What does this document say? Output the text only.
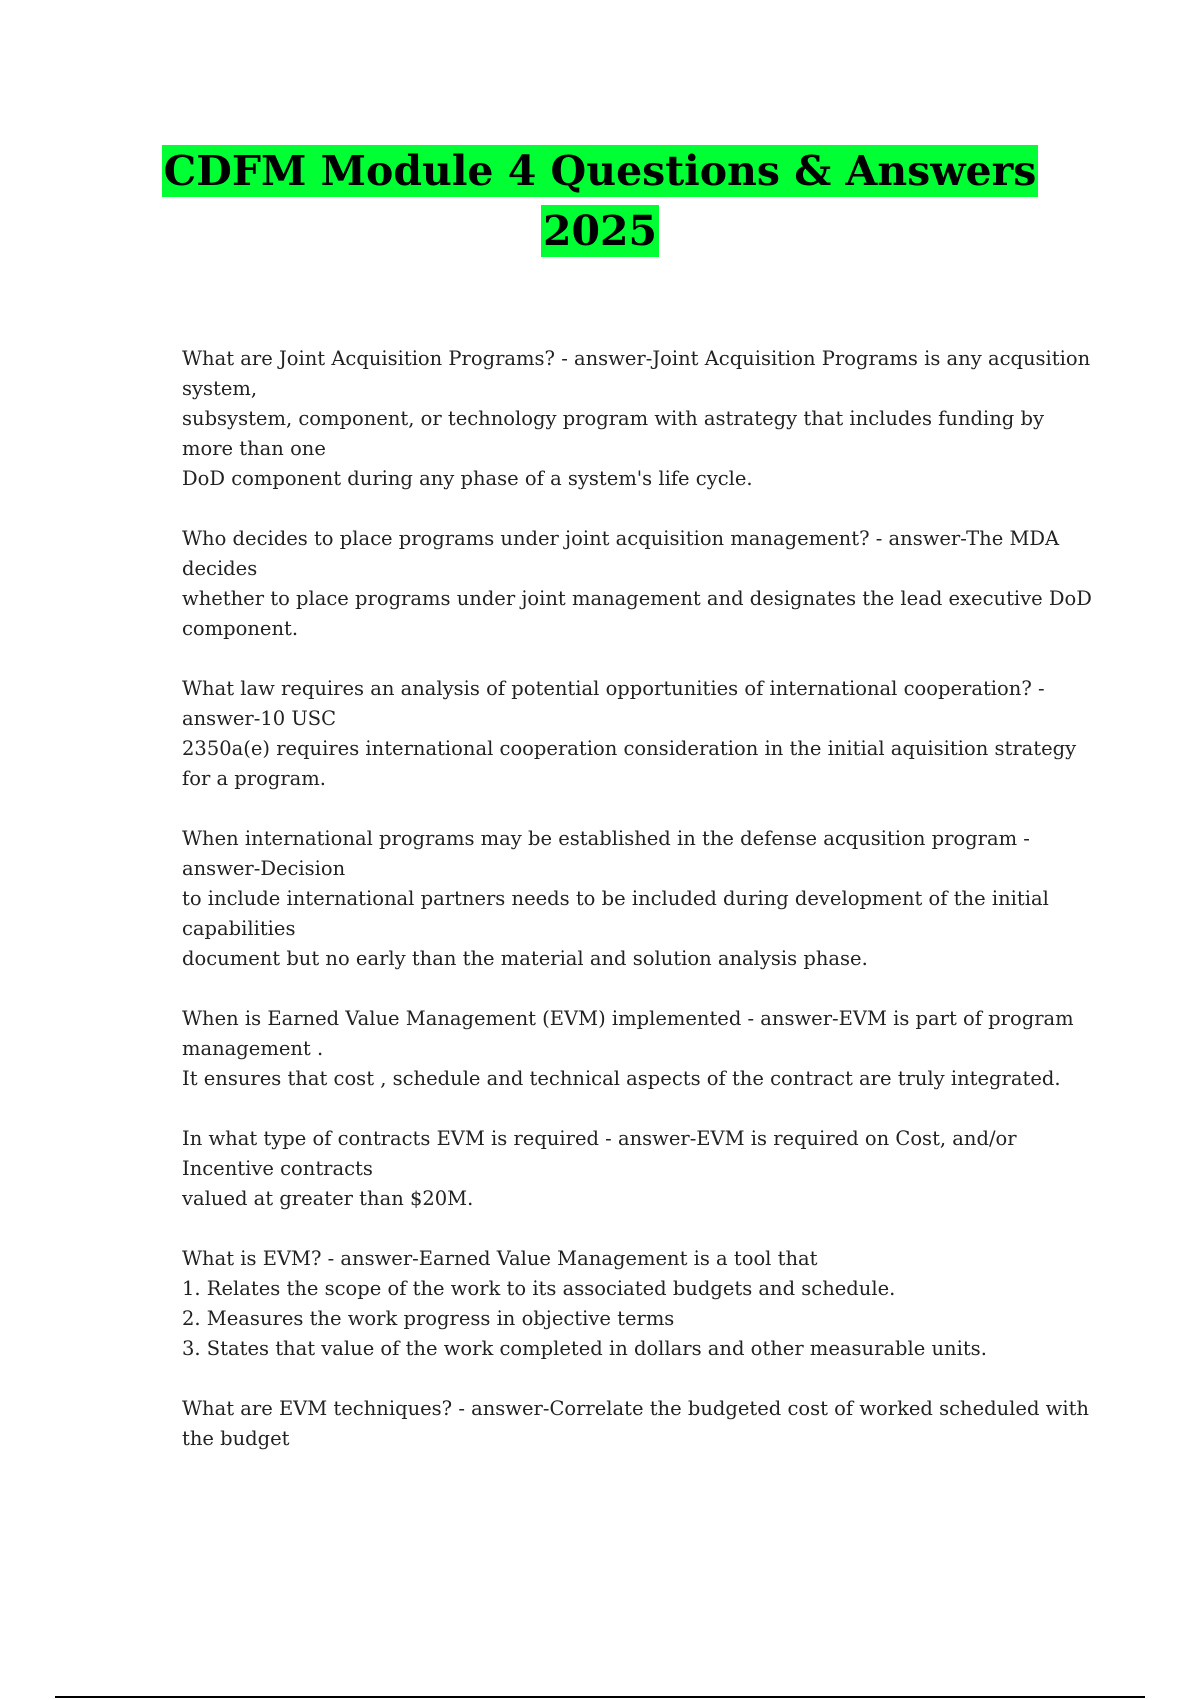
CDFM Module 4 Questions & Answers
2025
What are Joint Acquisition Programs? - answer-Joint Acquisition Programs is any acqusition
system,
subsystem, component, or technology program with astrategy that includes funding by
more than one
DoD component during any phase of a system's life cycle.
Who decides to place programs under joint acquisition management? - answer-The MDA
decides
whether to place programs under joint management and designates the lead executive DoD
component.
What law requires an analysis of potential opportunities of international cooperation? -
answer-10 USC
2350a(e) requires international cooperation consideration in the initial aquisition strategy
for a program.
When international programs may be established in the defense acqusition program -
answer-Decision
to include international partners needs to be included during development of the initial
capabilities
document but no early than the material and solution analysis phase.
When is Earned Value Management (EVM) implemented - answer-EVM is part of program
management .
It ensures that cost , schedule and technical aspects of the contract are truly integrated.
In what type of contracts EVM is required - answer-EVM is required on Cost, and/or
Incentive contracts
valued at greater than $20M.
What is EVM? - answer-Earned Value Management is a tool that
1. Relates the scope of the work to its associated budgets and schedule.
2. Measures the work progress in objective terms
3. States that value of the work completed in dollars and other measurable units.
What are EVM techniques? - answer-Correlate the budgeted cost of worked scheduled with
the budget
